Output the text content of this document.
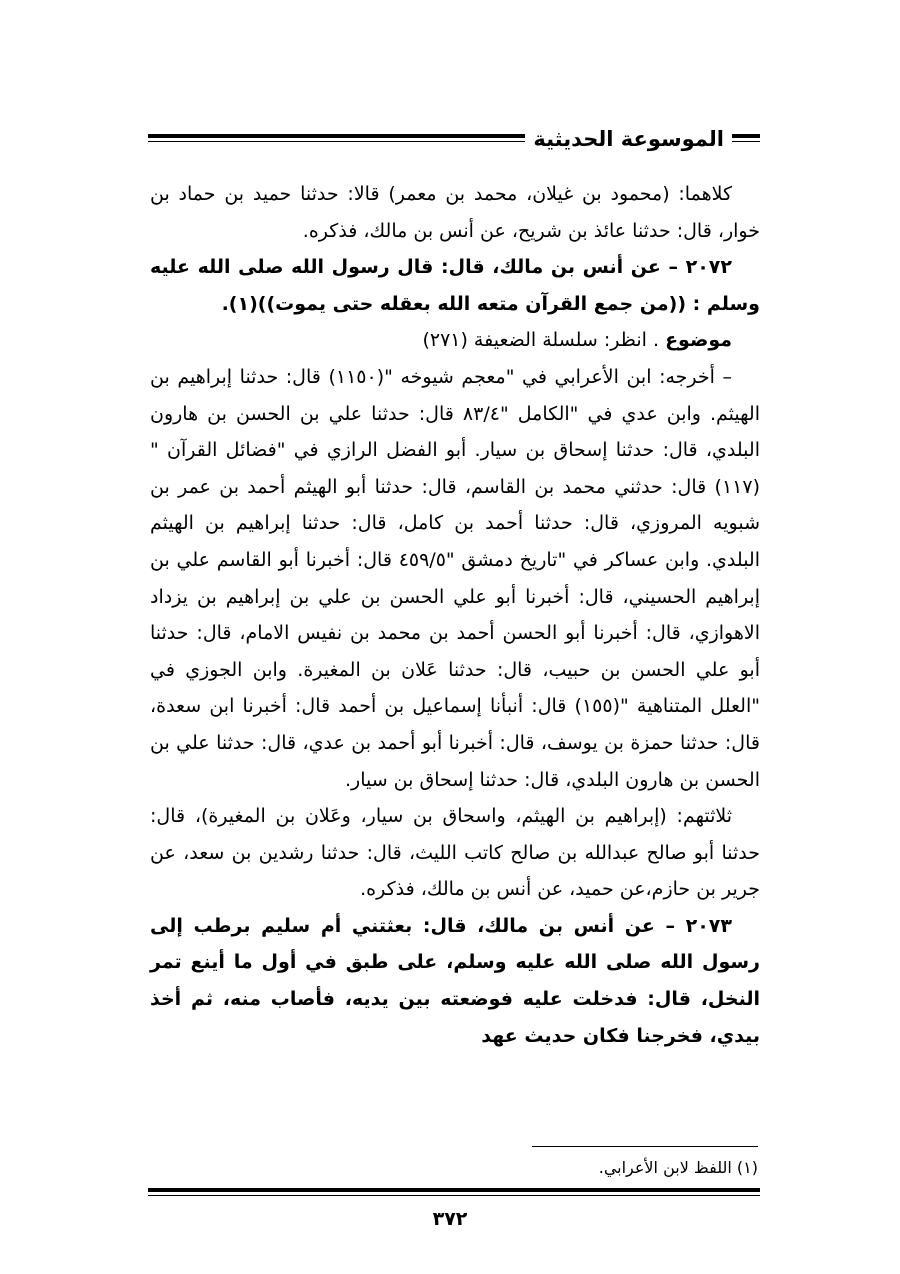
الموسوعة الحديثية

كلاهما: (محمود بن غيلان، محمد بن معمر) قالا: حدثنا حميد بن حماد بن خوار، قال: حدثنا عائذ بن شريح، عن أنس بن مالك، فذكره.

٢٠٧٢ – عن أنس بن مالك، قال: قال رسول الله صلى الله عليه وسلم : ((من جمع القرآن متعه الله بعقله حتى يموت))(١).

موضوع . انظر: سلسلة الضعيفة (٢٧١)

– أخرجه: ابن الأعرابي في "معجم شيوخه "(١١٥٠) قال: حدثنا إبراهيم بن الهيثم. وابن عدي في "الكامل "٨٣/٤ قال: حدثنا علي بن الحسن بن هارون البلدي، قال: حدثنا إسحاق بن سيار. أبو الفضل الرازي في "فضائل القرآن "(١١٧) قال: حدثني محمد بن القاسم، قال: حدثنا أبو الهيثم أحمد بن عمر بن شبويه المروزي، قال: حدثنا أحمد بن كامل، قال: حدثنا إبراهيم بن الهيثم البلدي. وابن عساكر في "تاريخ دمشق "٤٥٩/٥ قال: أخبرنا أبو القاسم علي بن إبراهيم الحسيني، قال: أخبرنا أبو علي الحسن بن علي بن إبراهيم بن يزداد الاهوازي، قال: أخبرنا أبو الحسن أحمد بن محمد بن نفيس الامام، قال: حدثنا أبو علي الحسن بن حبيب، قال: حدثنا عَلان بن المغيرة. وابن الجوزي في "العلل المتناهية "(١٥٥) قال: أنبأنا إسماعيل بن أحمد قال: أخبرنا ابن سعدة، قال: حدثنا حمزة بن يوسف، قال: أخبرنا أبو أحمد بن عدي، قال: حدثنا علي بن الحسن بن هارون البلدي، قال: حدثنا إسحاق بن سيار.

ثلاثتهم: (إبراهيم بن الهيثم، واسحاق بن سيار، وعَلان بن المغيرة)، قال: حدثنا أبو صالح عبدالله بن صالح كاتب الليث، قال: حدثنا رشدين بن سعد، عن جرير بن حازم،عن حميد، عن أنس بن مالك، فذكره.

٢٠٧٣ – عن أنس بن مالك، قال: بعثتني أم سليم برطب إلى رسول الله صلى الله عليه وسلم، على طبق في أول ما أينع تمر النخل، قال: فدخلت عليه فوضعته بين يديه، فأصاب منه، ثم أخذ بيدي، فخرجنا فكان حديث عهد

(١) اللفظ لابن الأعرابي.
٣٧٢
